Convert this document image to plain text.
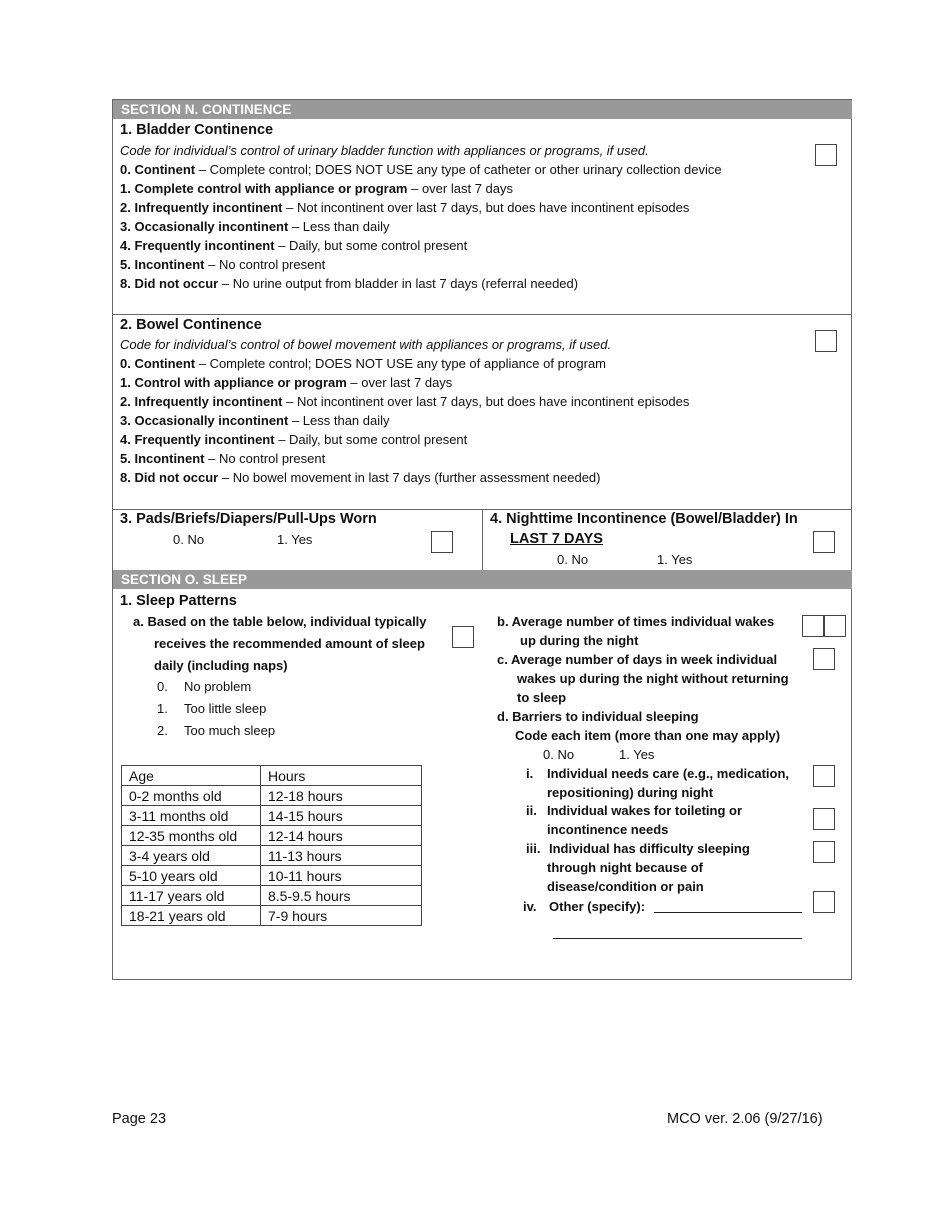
SECTION N. CONTINENCE
1. Bladder Continence
Code for individual’s control of urinary bladder function with appliances or programs, if used.
0. Continent – Complete control; DOES NOT USE any type of catheter or other urinary collection device
1. Complete control with appliance or program – over last 7 days
2. Infrequently incontinent – Not incontinent over last 7 days, but does have incontinent episodes
3. Occasionally incontinent – Less than daily
4. Frequently incontinent – Daily, but some control present
5. Incontinent – No control present
8. Did not occur – No urine output from bladder in last 7 days (referral needed)
2. Bowel Continence
Code for individual’s control of bowel movement with appliances or programs, if used.
0. Continent – Complete control; DOES NOT USE any type of appliance of program
1. Control with appliance or program – over last 7 days
2. Infrequently incontinent – Not incontinent over last 7 days, but does have incontinent episodes
3. Occasionally incontinent – Less than daily
4. Frequently incontinent – Daily, but some control present
5. Incontinent – No control present
8. Did not occur – No bowel movement in last 7 days (further assessment needed)
3. Pads/Briefs/Diapers/Pull-Ups Worn
0. No	1. Yes
4. Nighttime Incontinence (Bowel/Bladder) In
LAST 7 DAYS
0. No	1. Yes
SECTION O. SLEEP
1. Sleep Patterns
a. Based on the table below, individual typically
receives the recommended amount of sleep
daily (including naps)
0. No problem
1. Too little sleep
2. Too much sleep
Age	Hours
0-2 months old	12-18 hours
3-11 months old	14-15 hours
12-35 months old	12-14 hours
3-4 years old	11-13 hours
5-10 years old	10-11 hours
11-17 years old	8.5-9.5 hours
18-21 years old	7-9 hours
b. Average number of times individual wakes
up during the night
c. Average number of days in week individual
wakes up during the night without returning
to sleep
d. Barriers to individual sleeping
Code each item (more than one may apply)
0. No	1. Yes
i. Individual needs care (e.g., medication,
repositioning) during night
ii. Individual wakes for toileting or
incontinence needs
iii. Individual has difficulty sleeping
through night because of
disease/condition or pain
iv. Other (specify):
Page 23	MCO ver. 2.06 (9/27/16)
